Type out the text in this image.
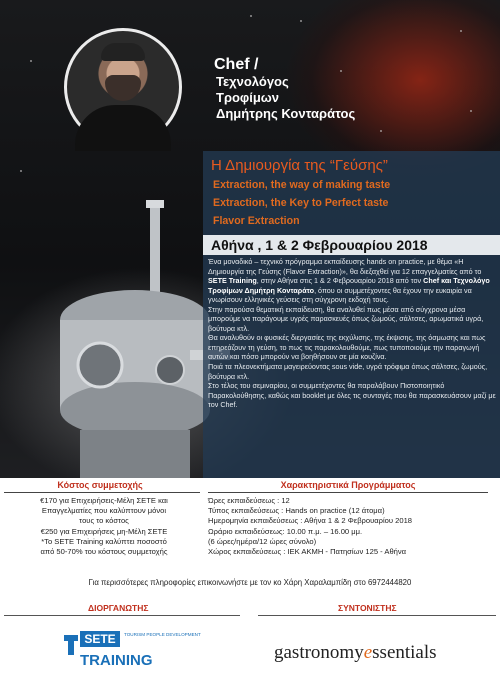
Chef /
Τεχνολόγος
Τροφίμων
Δημήτρης Κονταράτος
Η Δημιουργία της “Γεύσης”
Extraction, the way of making taste
Extraction, the Key to Perfect taste
Flavor Extraction
Αθήνα , 1 & 2 Φεβρουαρίου 2018

Ένα μοναδικό – τεχνικό πρόγραμμα εκπαίδευσης hands on practice, με θέμα «Η Δημιουργία της Γεύσης (Flavor Extraction)», θα διεξαχθεί για 12 επαγγελματίες από το SETE Training, στην Αθήνα στις 1 & 2 Φεβρουαρίου 2018 από τον Chef και Τεχνολόγο Τροφίμων Δημήτρη Κονταράτο, όπου οι συμμετέχοντες θα έχουν την ευκαιρία να γνωρίσουν ελληνικές γεύσεις στη σύγχρονη εκδοχή τους.

Στην παρούσα θεματική εκπαίδευση, θα αναλυθεί πως μέσα από σύγχρονα μέσα μπορούμε να παράγουμε υγρές παρασκευές όπως ζωμούς, σάλτσες, αρωματικά υγρά, βούτυρα κτλ.

Θα αναλυθούν οι φυσικές διεργασίες της εκχύλισης, της έκψισης, της όσμωσης και πως επηρεάζουν τη γεύση, το πως τις παρακολουθούμε, πως τυποποιούμε την παραγωγή αυτών και πόσο μπορούν να βοηθήσουν σε μία κουζίνα.

Ποιά τα πλεονεκτήματα μαγειρεύοντας sous vide, υγρά τρόφιμα όπως σάλτσες, ζωμούς, βούτυρα κτλ.

Στο τέλος του σεμιναρίου, οι συμμετέχοντες θα παραλάβουν Πιστοποιητικό Παρακολούθησης, καθώς και booklet με όλες τις συνταγές που θα παρασκευάσουν μαζί με τον Chef.

Κόστος συμμετοχής	Χαρακτηριστικά Προγράμματος

€170 για Επιχειρήσεις-Μέλη ΣΕΤΕ και

Επαγγελματίες που καλύπτουν μόνοι

τους το κόστος

€250 για Επιχειρήσεις μη-Μέλη ΣΕΤΕ

*Το SETE Training καλύπτει ποσοστό

από 50-70% του κόστους συμμετοχής

Ώρες εκπαιδεύσεως : 12

Τύπος εκπαιδεύσεως : Hands on practice (12 άτομα)

Ημερομηνία εκπαιδεύσεως : Αθήνα 1 & 2 Φεβρουαρίου 2018

Ωράριο εκπαιδεύσεως: 10.00 π.μ. – 16.00 μμ.

(6 ώρες/ημέρα/12 ώρες σύνολο)

Χώρος εκπαιδεύσεως : ΙΕΚ ΑΚΜΗ - Πατησίων 125 - Αθήνα

Για περισσότερες πληροφορίες επικοινωνήστε με τον κο Χάρη Χαραλαμπίδη στο 6972444820
ΔΙΟΡΓΑΝΩΤΗΣ	ΣΥΝΤΟΝΙΣΤΗΣ
SETE TOURISM PEOPLE DEVELOPMENT
TRAINING	gastronomyessentials
